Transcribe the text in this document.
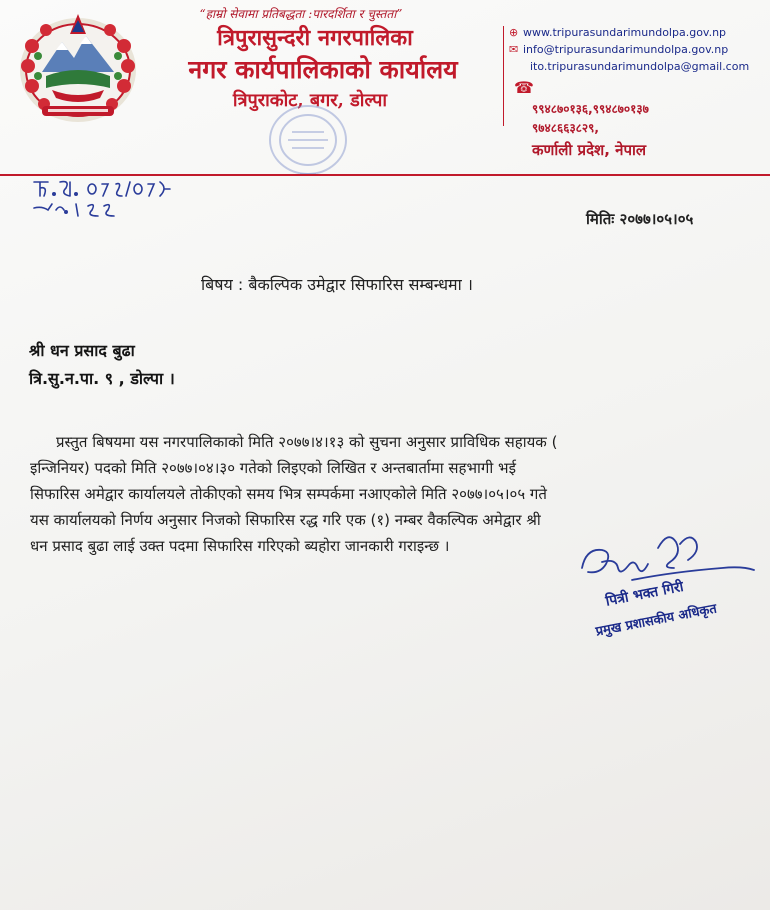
“हाम्रो सेवामा प्रतिबद्धता :पारदर्शिता र चुस्तता”
त्रिपुरासुन्दरी नगरपालिका
नगर कार्यपालिकाको कार्यालय
त्रिपुराकोट, बगर, डोल्पा
⊕ www.tripurasundarimundolpa.gov.np
✉ info@tripurasundarimundolpa.gov.np
ito.tripurasundarimundolpa@gmail.com
☎
९९४८७०१३६,९९४८७०१३७
९७४८६६३८२९,
कर्णाली प्रदेश, नेपाल
मितिः २०७७।०५।०५
बिषय : बैकल्पिक उमेद्वार सिफारिस सम्बन्धमा ।
श्री धन प्रसाद बुढा
त्रि.सु.न.पा. ९ , डोल्पा ।
प्रस्तुत बिषयमा यस नगरपालिकाको मिति २०७७।४।१३ को सुचना अनुसार प्राविधिक सहायक (
इन्जिनियर) पदको मिति २०७७।०४।३० गतेको लिइएको लिखित र अन्तबार्तामा सहभागी भई
सिफारिस अमेद्वार कार्यालयले तोकीएको समय भित्र सम्पर्कमा नआएकोले मिति २०७७।०५।०५ गते
यस कार्यालयको निर्णय अनुसार निजको सिफारिस रद्ध गरि एक (१) नम्बर वैकल्पिक अमेद्वार श्री
धन प्रसाद बुढा लाई उक्त पदमा सिफारिस गरिएको ब्यहोरा जानकारी गराइन्छ ।
पित्री भक्त गिरी
प्रमुख प्रशासकीय अधिकृत
